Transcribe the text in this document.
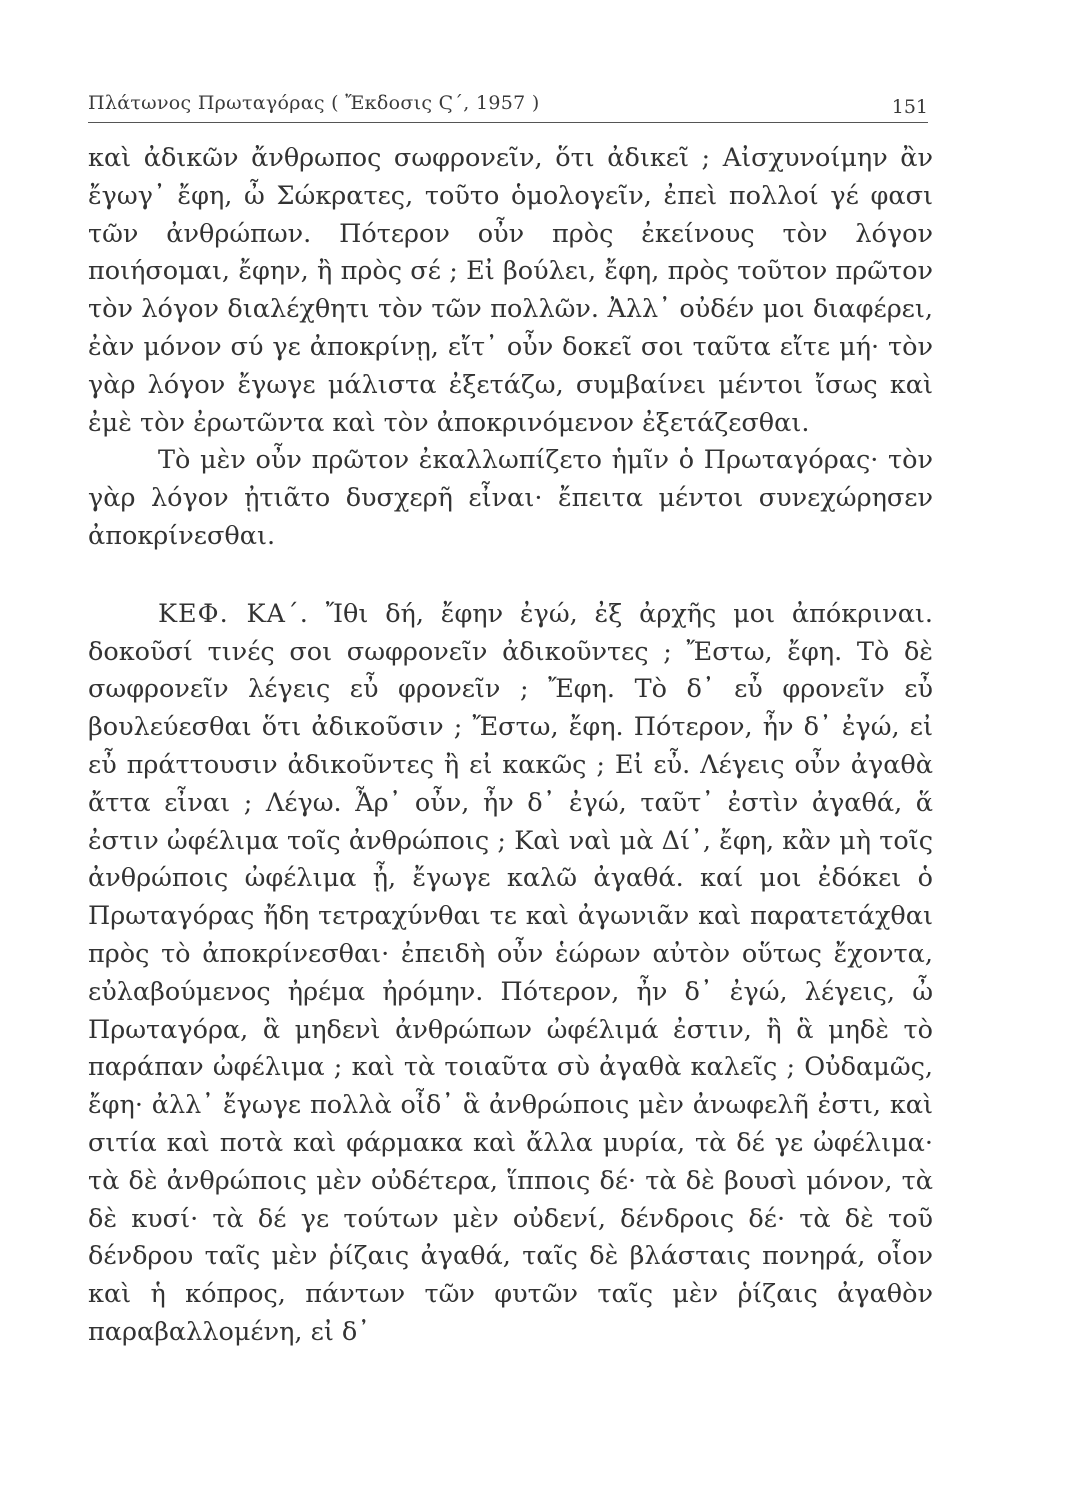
Πλάτωνος Πρωταγόρας ( Ἔκδοσις Ϛ΄, 1957 )	151

καὶ ἀδικῶν ἄνθρωπος σωφρονεῖν, ὅτι ἀδικεῖ ; Αἰσχυνοίμην ἂν ἔγωγ᾽ ἔφη, ὦ Σώκρατες, τοῦτο ὁμολογεῖν, ἐπεὶ πολλοί γέ φασι τῶν ἀνθρώπων. Πότερον οὖν πρὸς ἐκείνους τὸν λόγον ποιήσομαι, ἔφην, ἢ πρὸς σέ ; Εἰ βούλει, ἔφη, πρὸς τοῦτον πρῶτον τὸν λόγον διαλέχθητι τὸν τῶν πολλῶν. Ἀλλ᾽ οὐδέν μοι διαφέρει, ἐὰν μόνον σύ γε ἀποκρίνῃ, εἴτ᾽ οὖν δοκεῖ σοι ταῦτα εἴτε μή· τὸν γὰρ λόγον ἔγωγε μάλιστα ἐξετάζω, συμβαίνει μέντοι ἴσως καὶ ἐμὲ τὸν ἐρωτῶντα καὶ τὸν ἀποκρινόμενον ἐξετάζεσθαι.

Τὸ μὲν οὖν πρῶτον ἐκαλλωπίζετο ἡμῖν ὁ Πρωταγόρας· τὸν γὰρ λόγον ᾐτιᾶτο δυσχερῆ εἶναι· ἔπειτα μέντοι συνεχώρησεν ἀποκρίνεσθαι.

ΚΕΦ. ΚΑ΄. Ἴθι δή, ἔφην ἐγώ, ἐξ ἀρχῆς μοι ἀπόκριναι. δοκοῦσί τινές σοι σωφρονεῖν ἀδικοῦντες ; Ἔστω, ἔφη. Τὸ δὲ σωφρονεῖν λέγεις εὖ φρονεῖν ; Ἔφη. Τὸ δ᾽ εὖ φρονεῖν εὖ βουλεύεσθαι ὅτι ἀδικοῦσιν ; Ἔστω, ἔφη. Πότερον, ἦν δ᾽ ἐγώ, εἰ εὖ πράττουσιν ἀδικοῦντες ἢ εἰ κακῶς ; Εἰ εὖ. Λέγεις οὖν ἀγαθὰ ἄττα εἶναι ; Λέγω. Ἆρ᾽ οὖν, ἦν δ᾽ ἐγώ, ταῦτ᾽ ἐστὶν ἀγαθά, ἅ ἐστιν ὠφέλιμα τοῖς ἀνθρώποις ; Καὶ ναὶ μὰ Δί᾽, ἔφη, κἂν μὴ τοῖς ἀνθρώποις ὠφέλιμα ᾖ, ἔγωγε καλῶ ἀγαθά. καί μοι ἐδόκει ὁ Πρωταγόρας ἤδη τετραχύνθαι τε καὶ ἀγωνιᾶν καὶ παρατετάχθαι πρὸς τὸ ἀποκρίνεσθαι· ἐπειδὴ οὖν ἑώρων αὐτὸν οὕτως ἔχοντα, εὐλαβούμενος ἠρέμα ἠρόμην. Πότερον, ἦν δ᾽ ἐγώ, λέγεις, ὦ Πρωταγόρα, ἃ μηδενὶ ἀνθρώπων ὠφέλιμά ἐστιν, ἢ ἃ μηδὲ τὸ παράπαν ὠφέλιμα ; καὶ τὰ τοιαῦτα σὺ ἀγαθὰ καλεῖς ; Οὐδαμῶς, ἔφη· ἀλλ᾽ ἔγωγε πολλὰ οἶδ᾽ ἃ ἀνθρώποις μὲν ἀνωφελῆ ἐστι, καὶ σιτία καὶ ποτὰ καὶ φάρμακα καὶ ἄλλα μυρία, τὰ δέ γε ὠφέλιμα· τὰ δὲ ἀνθρώποις μὲν οὐδέτερα, ἵπποις δέ· τὰ δὲ βουσὶ μόνον, τὰ δὲ κυσί· τὰ δέ γε τούτων μὲν οὐδενί, δένδροις δέ· τὰ δὲ τοῦ δένδρου ταῖς μὲν ῥίζαις ἀγαθά, ταῖς δὲ βλάσταις πονηρά, οἷον καὶ ἡ κόπρος, πάντων τῶν φυτῶν ταῖς μὲν ῥίζαις ἀγαθὸν παραβαλλομένη, εἰ δ᾽
